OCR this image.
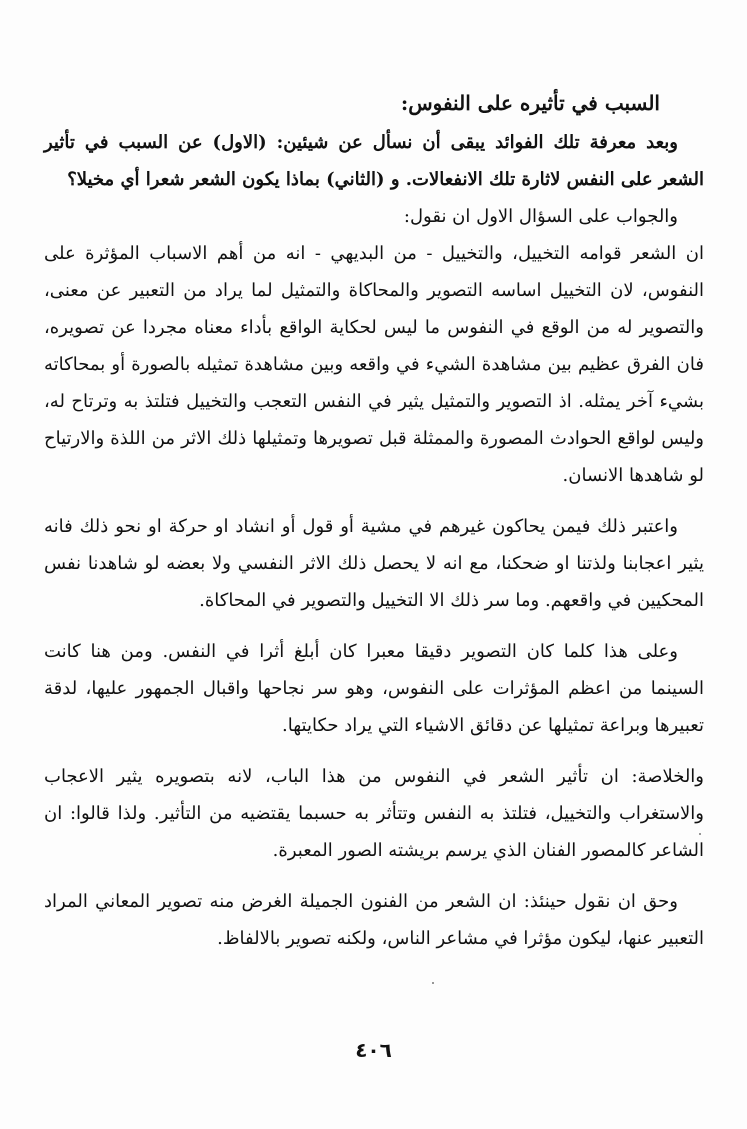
السبب في تأثيره على النفوس:

وبعد معرفة تلك الفوائد يبقى أن نسأل عن شيئين: (الاول) عن السبب في تأثير الشعر على النفس لاثارة تلك الانفعالات. و (الثاني) بماذا يكون الشعر شعرا أي مخيلا؟

والجواب على السؤال الاول ان نقول:

ان الشعر قوامه التخييل، والتخييل - من البديهي - انه من أهم الاسباب المؤثرة على النفوس، لان التخييل اساسه التصوير والمحاكاة والتمثيل لما يراد من التعبير عن معنى، والتصوير له من الوقع في النفوس ما ليس لحكاية الواقع بأداء معناه مجردا عن تصويره، فان الفرق عظيم بين مشاهدة الشيء في واقعه وبين مشاهدة تمثيله بالصورة أو بمحاكاته بشيء آخر يمثله. اذ التصوير والتمثيل يثير في النفس التعجب والتخييل فتلتذ به وترتاح له، وليس لواقع الحوادث المصورة والممثلة قبل تصويرها وتمثيلها ذلك الاثر من اللذة والارتياح لو شاهدها الانسان.

واعتبر ذلك فيمن يحاكون غيرهم في مشية أو قول أو انشاد او حركة او نحو ذلك فانه يثير اعجابنا ولذتنا او ضحكنا، مع انه لا يحصل ذلك الاثر النفسي ولا بعضه لو شاهدنا نفس المحكيين في واقعهم. وما سر ذلك الا التخييل والتصوير في المحاكاة.

وعلى هذا كلما كان التصوير دقيقا معبرا كان أبلغ أثرا في النفس. ومن هنا كانت السينما من اعظم المؤثرات على النفوس، وهو سر نجاحها واقبال الجمهور عليها، لدقة تعبيرها وبراعة تمثيلها عن دقائق الاشياء التي يراد حكايتها.

والخلاصة: ان تأثير الشعر في النفوس من هذا الباب، لانه بتصويره يثير الاعجاب والاستغراب والتخييل، فتلتذ به النفس وتتأثر به حسبما يقتضيه من التأثير. ولذا قالوا: ان الشاعر كالمصور الفنان الذي يرسم بريشته الصور المعبرة.

وحق ان نقول حينئذ: ان الشعر من الفنون الجميلة الغرض منه تصوير المعاني المراد التعبير عنها، ليكون مؤثرا في مشاعر الناس، ولكنه تصوير بالالفاظ.

٤٠٦
